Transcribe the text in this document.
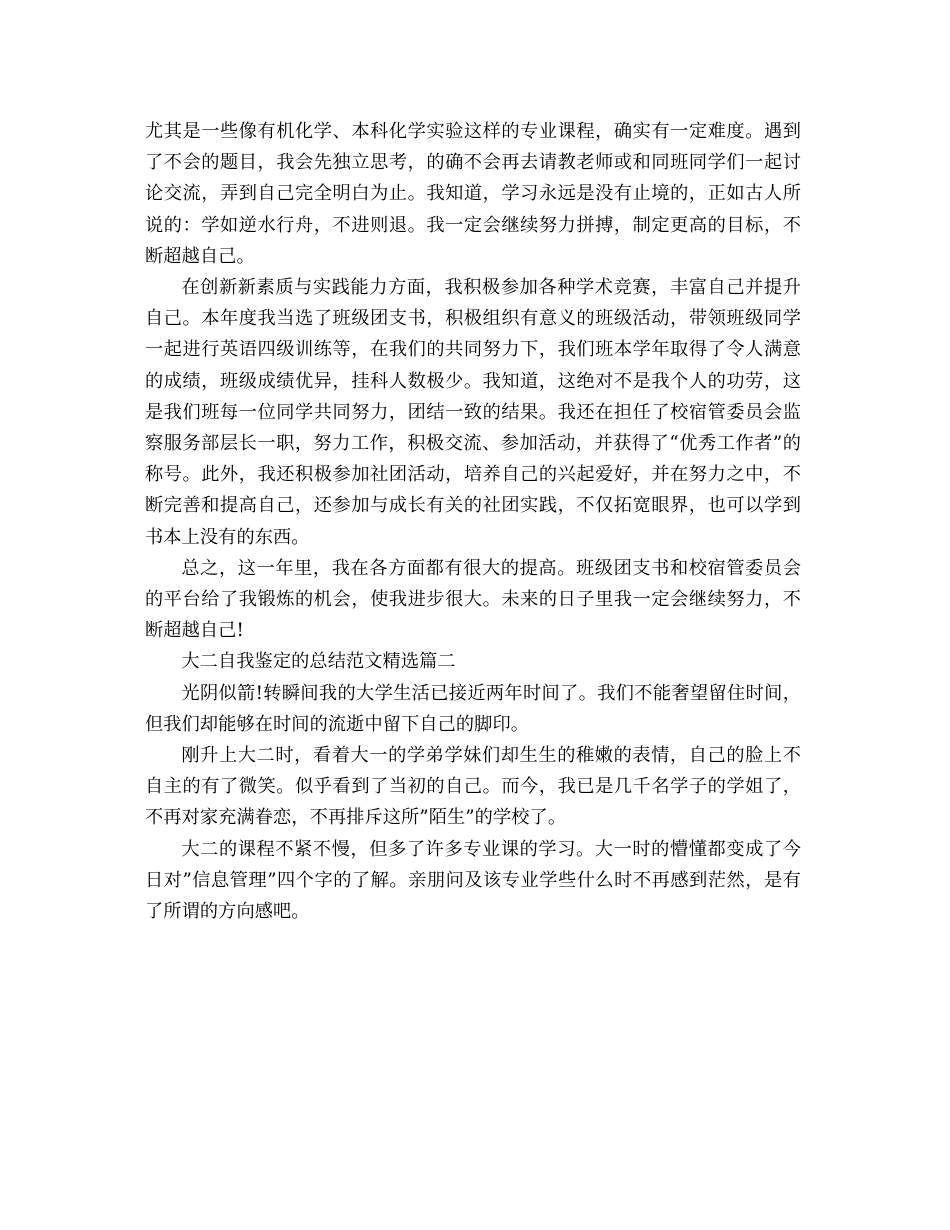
尤其是一些像有机化学、本科化学实验这样的专业课程，确实有一定难度。遇到了不会的题目，我会先独立思考，的确不会再去请教老师或和同班同学们一起讨论交流，弄到自己完全明白为止。我知道，学习永远是没有止境的，正如古人所说的：学如逆水行舟，不进则退。我一定会继续努力拼搏，制定更高的目标，不断超越自己。

在创新新素质与实践能力方面，我积极参加各种学术竞赛，丰富自己并提升自己。本年度我当选了班级团支书，积极组织有意义的班级活动，带领班级同学一起进行英语四级训练等，在我们的共同努力下，我们班本学年取得了令人满意的成绩，班级成绩优异，挂科人数极少。我知道，这绝对不是我个人的功劳，这是我们班每一位同学共同努力，团结一致的结果。我还在担任了校宿管委员会监察服务部层长一职，努力工作，积极交流、参加活动，并获得了“优秀工作者”的称号。此外，我还积极参加社团活动，培养自己的兴起爱好，并在努力之中，不断完善和提高自己，还参加与成长有关的社团实践，不仅拓宽眼界，也可以学到书本上没有的东西。

总之，这一年里，我在各方面都有很大的提高。班级团支书和校宿管委员会的平台给了我锻炼的机会，使我进步很大。未来的日子里我一定会继续努力，不断超越自己!

大二自我鉴定的总结范文精选篇二

光阴似箭!转瞬间我的大学生活已接近两年时间了。我们不能奢望留住时间，但我们却能够在时间的流逝中留下自己的脚印。

刚升上大二时，看着大一的学弟学妹们却生生的稚嫩的表情，自己的脸上不自主的有了微笑。似乎看到了当初的自己。而今，我已是几千名学子的学姐了，不再对家充满眷恋，不再排斥这所”陌生”的学校了。

大二的课程不紧不慢，但多了许多专业课的学习。大一时的懵懂都变成了今日对”信息管理”四个字的了解。亲朋问及该专业学些什么时不再感到茫然，是有了所谓的方向感吧。
